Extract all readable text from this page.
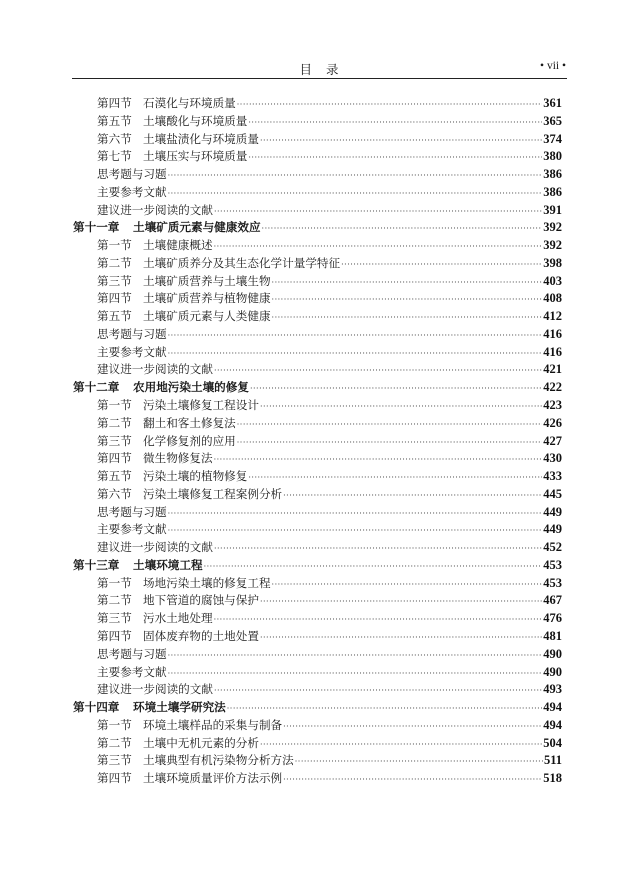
目录	• vii •
第四节 石漠化与环境质量 ·····	361
第五节 土壤酸化与环境质量 ·····	365
第六节 土壤盐渍化与环境质量 ·····	374
第七节 土壤压实与环境质量 ·····	380
思考题与习题 ·····	386
主要参考文献 ·····	386
建议进一步阅读的文献 ·····	391
第十一章	土壤矿质元素与健康效应 ·····	392
第一节 土壤健康概述 ·····	392
第二节 土壤矿质养分及其生态化学计量学特征 ·····	398
第三节 土壤矿质营养与土壤生物 ·····	403
第四节 土壤矿质营养与植物健康 ·····	408
第五节 土壤矿质元素与人类健康 ·····	412
思考题与习题 ·····	416
主要参考文献 ·····	416
建议进一步阅读的文献 ·····	421
第十二章	农用地污染土壤的修复 ·····	422
第一节 污染土壤修复工程设计 ·····	423
第二节 翻土和客土修复法 ·····	426
第三节 化学修复剂的应用 ·····	427
第四节 微生物修复法 ·····	430
第五节 污染土壤的植物修复 ·····	433
第六节 污染土壤修复工程案例分析 ·····	445
思考题与习题 ·····	449
主要参考文献 ·····	449
建议进一步阅读的文献 ·····	452
第十三章	土壤环境工程 ·····	453
第一节 场地污染土壤的修复工程 ·····	453
第二节 地下管道的腐蚀与保护 ·····	467
第三节 污水土地处理 ·····	476
第四节 固体废弃物的土地处置 ·····	481
思考题与习题 ·····	490
主要参考文献 ·····	490
建议进一步阅读的文献 ·····	493
第十四章	环境土壤学研究法 ·····	494
第一节 环境土壤样品的采集与制备 ·····	494
第二节 土壤中无机元素的分析 ·····	504
第三节 土壤典型有机污染物分析方法 ·····	511
第四节 土壤环境质量评价方法示例 ·····	518
